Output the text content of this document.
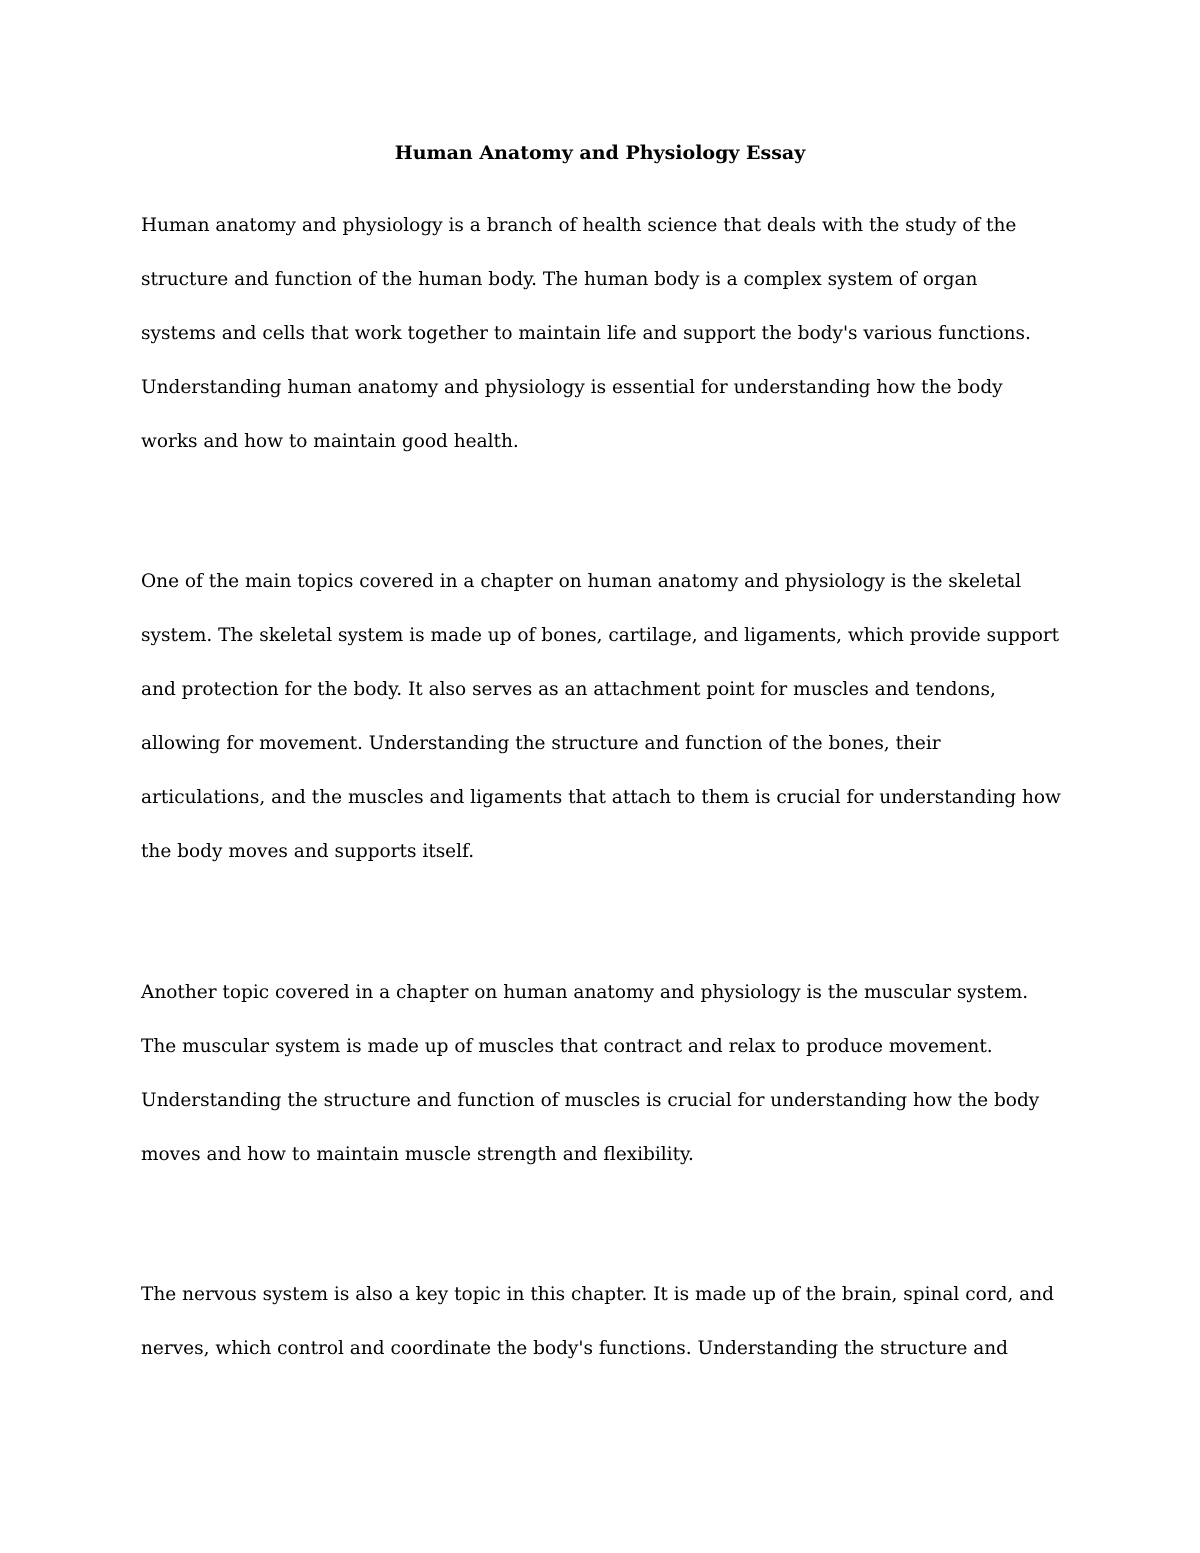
Human Anatomy and Physiology Essay

Human anatomy and physiology is a branch of health science that deals with the study of the

structure and function of the human body. The human body is a complex system of organ

systems and cells that work together to maintain life and support the body's various functions.

Understanding human anatomy and physiology is essential for understanding how the body

works and how to maintain good health.

One of the main topics covered in a chapter on human anatomy and physiology is the skeletal

system. The skeletal system is made up of bones, cartilage, and ligaments, which provide support

and protection for the body. It also serves as an attachment point for muscles and tendons,

allowing for movement. Understanding the structure and function of the bones, their

articulations, and the muscles and ligaments that attach to them is crucial for understanding how

the body moves and supports itself.

Another topic covered in a chapter on human anatomy and physiology is the muscular system.

The muscular system is made up of muscles that contract and relax to produce movement.

Understanding the structure and function of muscles is crucial for understanding how the body

moves and how to maintain muscle strength and flexibility.

The nervous system is also a key topic in this chapter. It is made up of the brain, spinal cord, and

nerves, which control and coordinate the body's functions. Understanding the structure and
